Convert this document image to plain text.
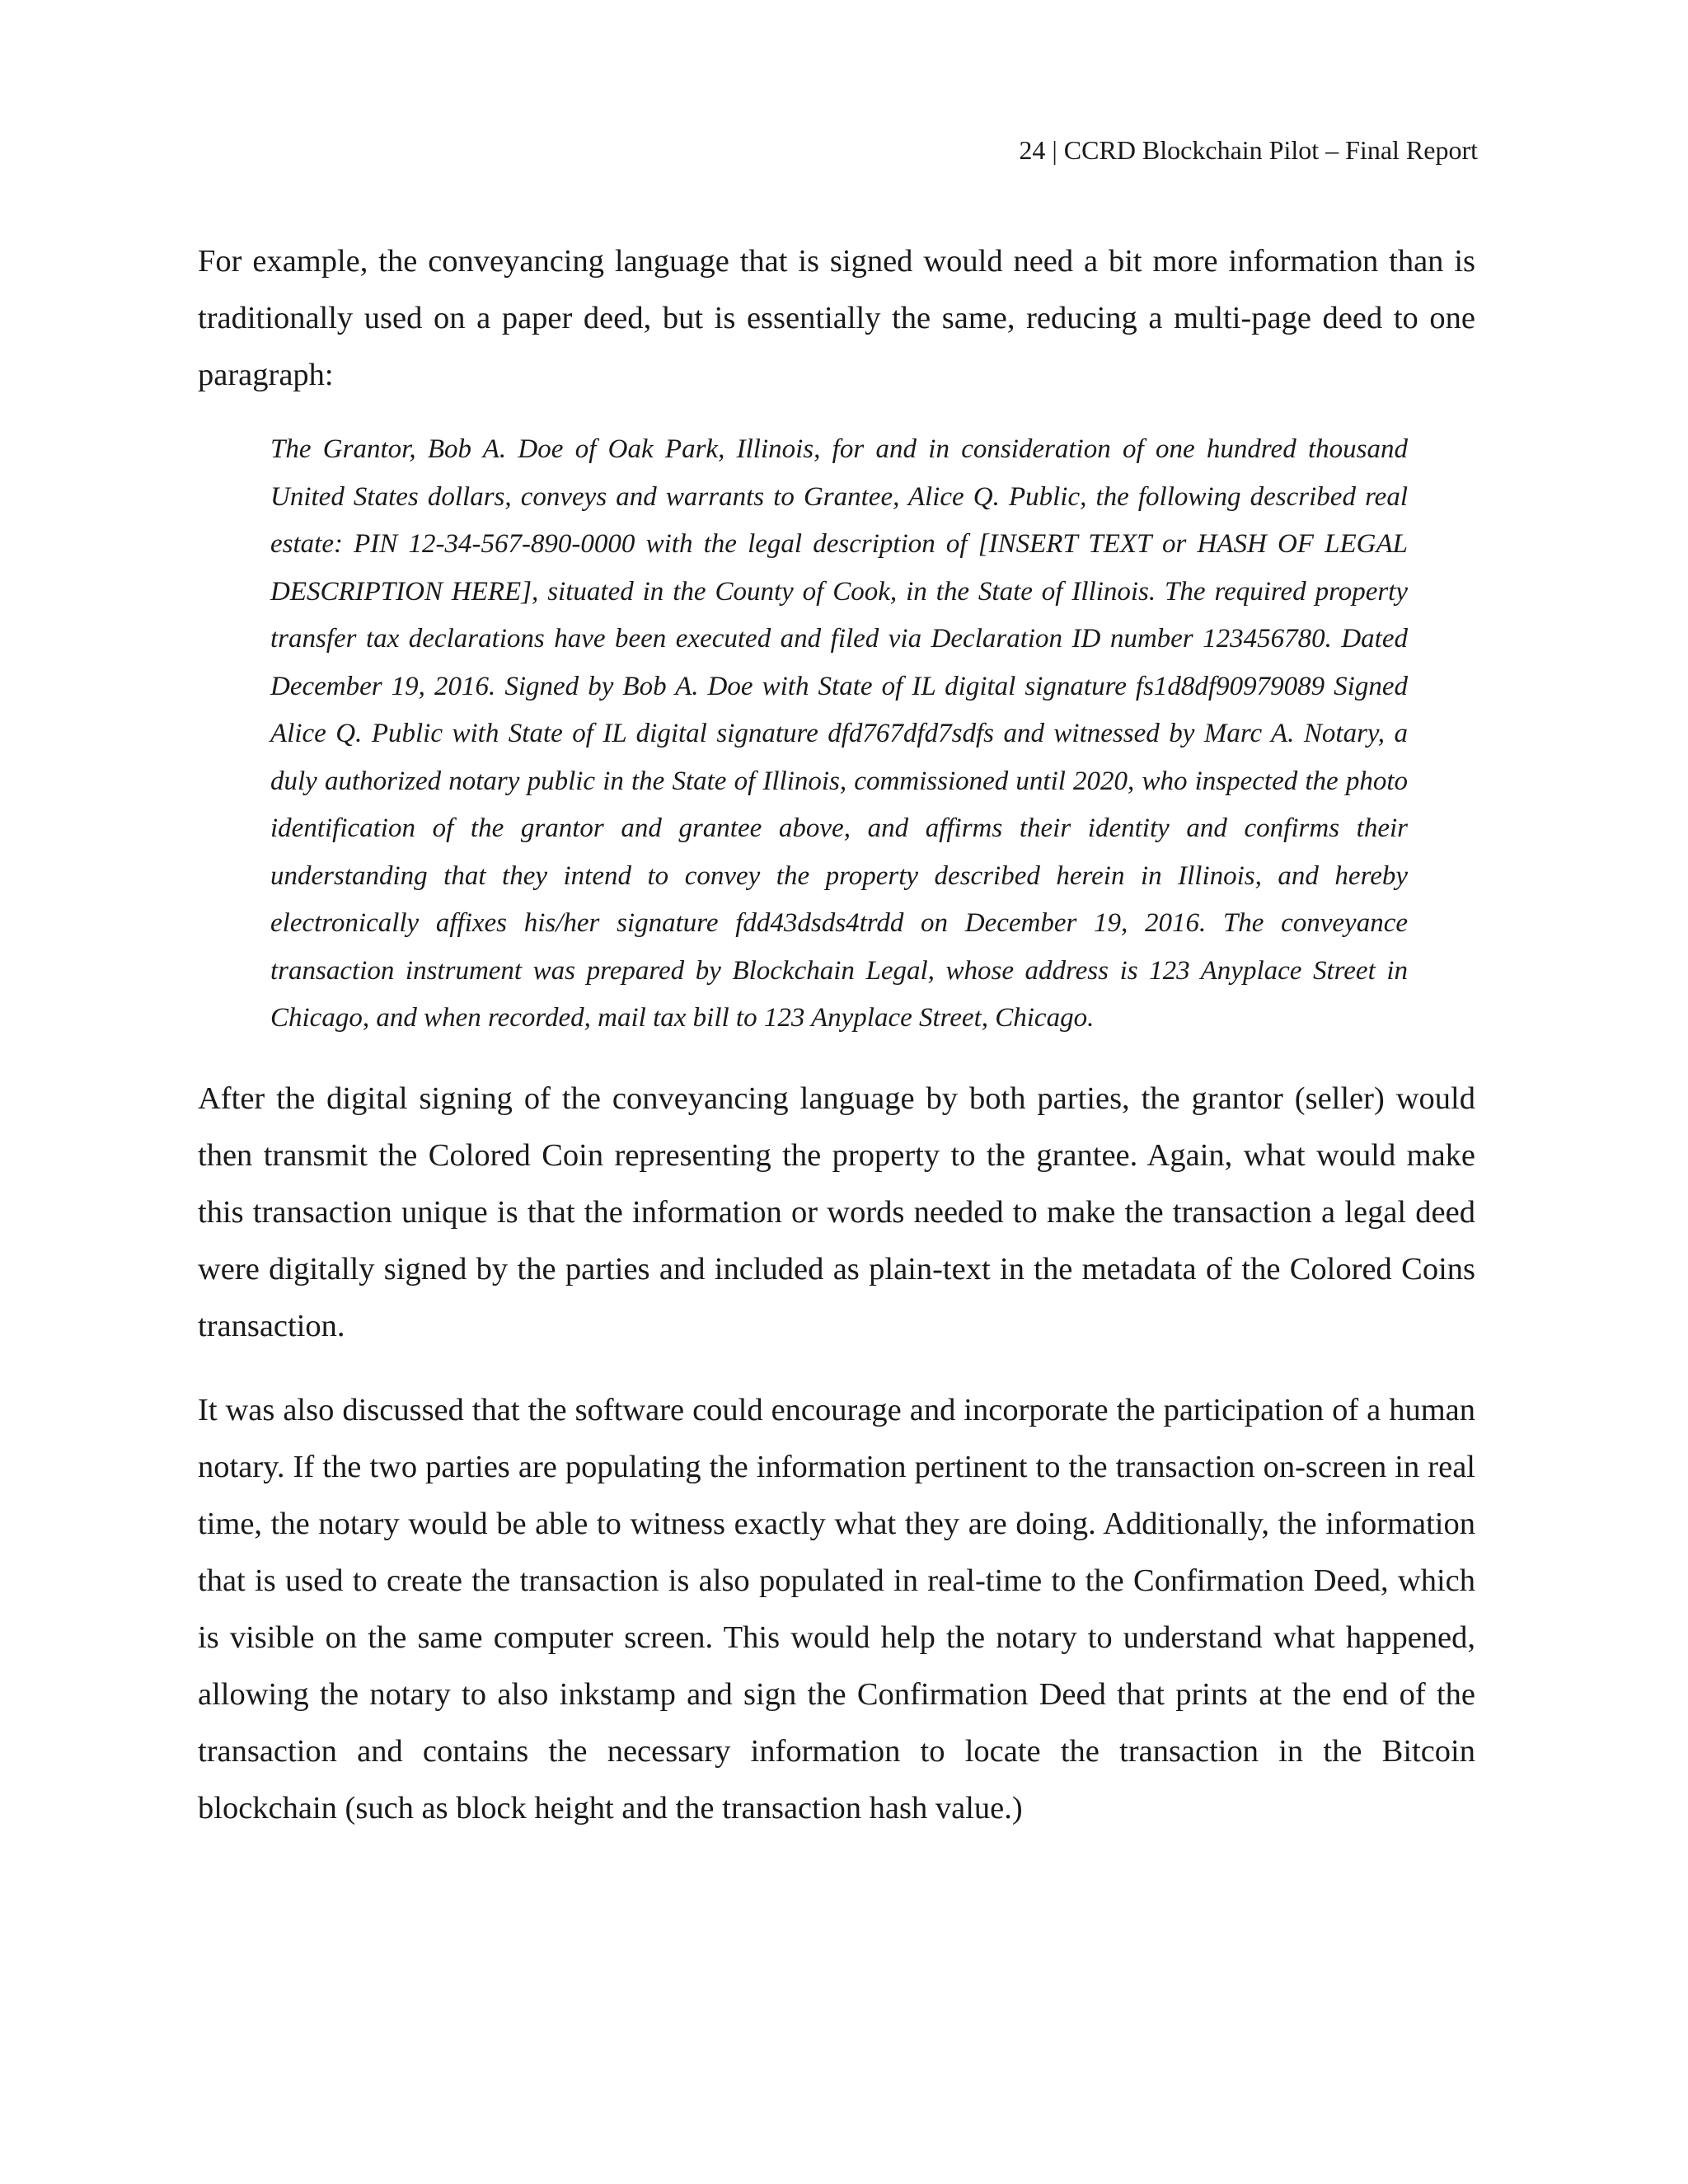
24 | CCRD Blockchain Pilot – Final Report

For example, the conveyancing language that is signed would need a bit more information than is traditionally used on a paper deed, but is essentially the same, reducing a multi-page deed to one paragraph:

The Grantor, Bob A. Doe of Oak Park, Illinois, for and in consideration of one hundred thousand United States dollars, conveys and warrants to Grantee, Alice Q. Public, the following described real estate: PIN 12-34-567-890-0000 with the legal description of [INSERT TEXT or HASH OF LEGAL DESCRIPTION HERE], situated in the County of Cook, in the State of Illinois. The required property transfer tax declarations have been executed and filed via Declaration ID number 123456780. Dated December 19, 2016. Signed by Bob A. Doe with State of IL digital signature fs1d8df90979089 Signed Alice Q. Public with State of IL digital signature dfd767dfd7sdfs and witnessed by Marc A. Notary, a duly authorized notary public in the State of Illinois, commissioned until 2020, who inspected the photo identification of the grantor and grantee above, and affirms their identity and confirms their understanding that they intend to convey the property described herein in Illinois, and hereby electronically affixes his/her signature fdd43dsds4trdd on December 19, 2016. The conveyance transaction instrument was prepared by Blockchain Legal, whose address is 123 Anyplace Street in Chicago, and when recorded, mail tax bill to 123 Anyplace Street, Chicago.

After the digital signing of the conveyancing language by both parties, the grantor (seller) would then transmit the Colored Coin representing the property to the grantee. Again, what would make this transaction unique is that the information or words needed to make the transaction a legal deed were digitally signed by the parties and included as plain-text in the metadata of the Colored Coins transaction.

It was also discussed that the software could encourage and incorporate the participation of a human notary. If the two parties are populating the information pertinent to the transaction on-screen in real time, the notary would be able to witness exactly what they are doing. Additionally, the information that is used to create the transaction is also populated in real-time to the Confirmation Deed, which is visible on the same computer screen. This would help the notary to understand what happened, allowing the notary to also inkstamp and sign the Confirmation Deed that prints at the end of the transaction and contains the necessary information to locate the transaction in the Bitcoin blockchain (such as block height and the transaction hash value.)
